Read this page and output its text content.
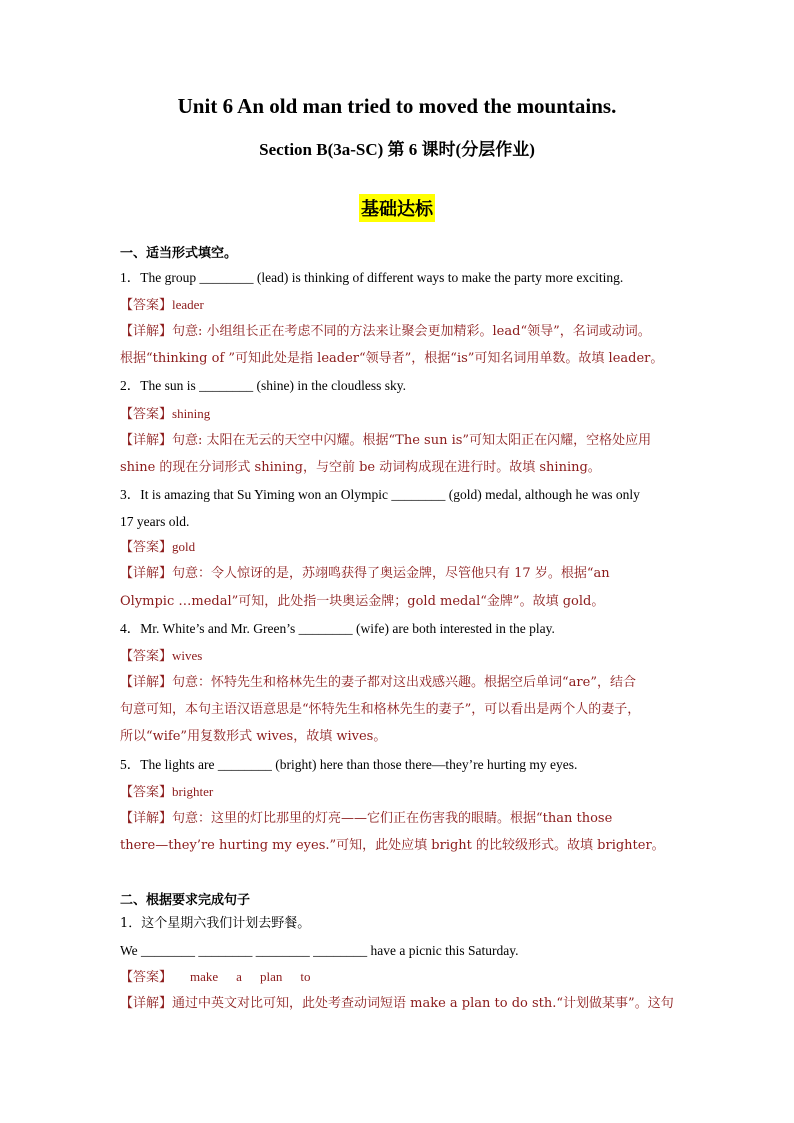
Unit 6 An old man tried to moved the mountains.
Section B(3a-SC) 第 6 课时(分层作业)
基础达标
一、适当形式填空。
1．The group ________ (lead) is thinking of different ways to make the party more exciting.
【答案】leader
【详解】句意: 小组组长正在考虑不同的方法来让聚会更加精彩。lead“领导”，名词或动词。
根据“thinking of ”可知此处是指 leader“领导者”，根据“is”可知名词用单数。故填 leader。
2．The sun is ________ (shine) in the cloudless sky.
【答案】shining
【详解】句意: 太阳在无云的天空中闪耀。根据“The sun is”可知太阳正在闪耀，空格处应用
shine 的现在分词形式 shining，与空前 be 动词构成现在进行时。故填 shining。
3．It is amazing that Su Yiming won an Olympic ________ (gold) medal, although he was only
17 years old.
【答案】gold
【详解】句意：令人惊讶的是，苏翊鸣获得了奥运金牌，尽管他只有 17 岁。根据“an
Olympic …medal”可知，此处指一块奥运金牌；gold medal“金牌”。故填 gold。
4．Mr. White’s and Mr. Green’s ________ (wife) are both interested in the play.
【答案】wives
【详解】句意：怀特先生和格林先生的妻子都对这出戏感兴趣。根据空后单词“are”，结合
句意可知，本句主语汉语意思是“怀特先生和格林先生的妻子”，可以看出是两个人的妻子，
所以“wife”用复数形式 wives，故填 wives。
5．The lights are ________ (bright) here than those there—they’re hurting my eyes.
【答案】brighter
【详解】句意：这里的灯比那里的灯亮——它们正在伤害我的眼睛。根据“than those
there—they’re hurting my eyes.”可知，此处应填 bright 的比较级形式。故填 brighter。
二、根据要求完成句子
1．这个星期六我们计划去野餐。
We ________ ________ ________ ________ have a picnic this Saturday.
【答案】 make a plan to
【详解】通过中英文对比可知，此处考查动词短语 make a plan to do sth.“计划做某事”。这句
